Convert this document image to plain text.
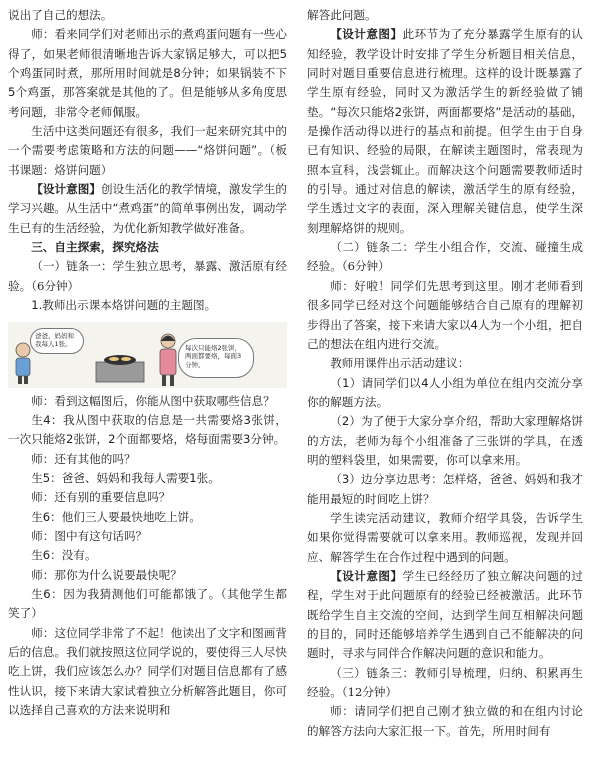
说出了自己的想法。

师：看来同学们对老师出示的煮鸡蛋问题有一些心得了，如果老师很清晰地告诉大家锅足够大，可以把5个鸡蛋同时煮，那所用时间就是8分钟；如果锅装不下5个鸡蛋，那答案就是其他的了。但是能够从多角度思考问题，非常令老师佩服。

生活中这类问题还有很多，我们一起来研究其中的一个需要考虑策略和方法的问题——“烙饼问题”。（板书课题：烙饼问题）

【设计意图】创设生活化的教学情境，激发学生的学习兴趣。从生活中“煮鸡蛋”的简单事例出发，调动学生已有的生活经验，为优化新知教学做好准备。

三、自主探索，探究烙法

（一）链条一：学生独立思考，暴露、激活原有经验。（6分钟）

1.教师出示课本烙饼问题的主题图。

爸爸、妈妈和我每人1张。	每次只能烙2张饼，两面都要烙，每面3分钟。

师：看到这幅图后，你能从图中获取哪些信息？

生4：我从图中获取的信息是一共需要烙3张饼，一次只能烙2张饼，2个面都要烙，烙每面需要3分钟。

师：还有其他的吗？

生5：爸爸、妈妈和我每人需要1张。

师：还有别的重要信息吗？

生6：他们三人要最快地吃上饼。

师：图中有这句话吗？

生6：没有。

师：那你为什么说要最快呢？

生6：因为我猜测他们可能都饿了。（其他学生都笑了）

师：这位同学非常了不起！他读出了文字和图画背后的信息。我们就按照这位同学说的，要使得三人尽快吃上饼，我们应该怎么办？同学们对题目信息都有了感性认识，接下来请大家试着独立分析解答此题目，你可以选择自己喜欢的方法来说明和

解答此问题。

【设计意图】此环节为了充分暴露学生原有的认知经验，教学设计时安排了学生分析题目相关信息，同时对题目重要信息进行梳理。这样的设计既暴露了学生原有经验，同时又为激活学生的新经验做了铺垫。“每次只能烙2张饼，两面都要烙”是活动的基础，是操作活动得以进行的基点和前提。但学生由于自身已有知识、经验的局限，在解读主题图时，常表现为照本宣科，浅尝辄止。而解决这个问题需要教师适时的引导。通过对信息的解读，激活学生的原有经验，学生透过文字的表面，深入理解关键信息，使学生深刻理解烙饼的规则。

（二）链条二：学生小组合作，交流、碰撞生成经验。（6分钟）

师：好啦！同学们先思考到这里。刚才老师看到很多同学已经对这个问题能够结合自己原有的理解初步得出了答案，接下来请大家以4人为一个小组，把自己的想法在组内进行交流。

教师用课件出示活动建议：

（1）请同学们以4人小组为单位在组内交流分享你的解题方法。

（2）为了便于大家分享介绍，帮助大家理解烙饼的方法，老师为每个小组准备了三张饼的学具，在透明的塑料袋里，如果需要，你可以拿来用。

（3）边分享边思考：怎样烙，爸爸、妈妈和我才能用最短的时间吃上饼？

学生读完活动建议，教师介绍学具袋，告诉学生如果你觉得需要就可以拿来用。教师巡视，发现并回应、解答学生在合作过程中遇到的问题。

【设计意图】学生已经经历了独立解决问题的过程，学生对于此问题原有的经验已经被激活。此环节既给学生自主交流的空间，达到学生间互相解决问题的目的，同时还能够培养学生遇到自己不能解决的问题时，寻求与同伴合作解决问题的意识和能力。

（三）链条三：教师引导梳理，归纳、积累再生经验。（12分钟）

师：请同学们把自己刚才独立做的和在组内讨论的解答方法向大家汇报一下。首先，所用时间有
